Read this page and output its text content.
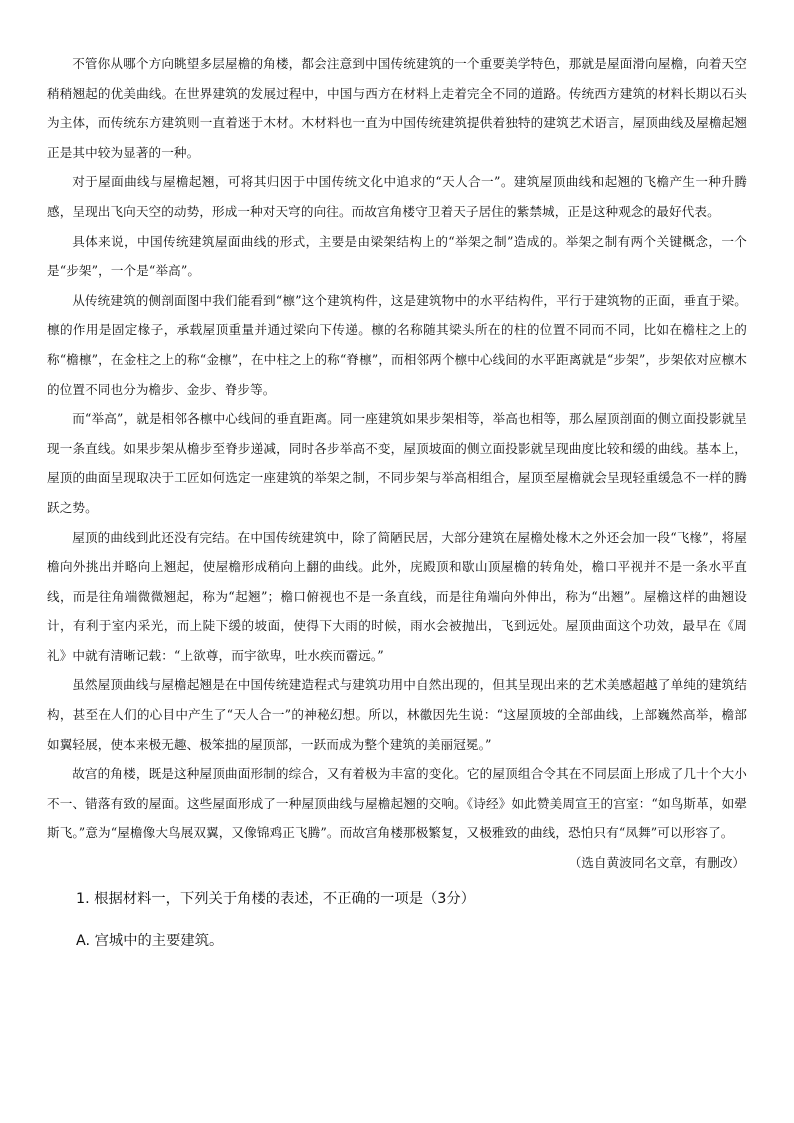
不管你从哪个方向眺望多层屋檐的角楼，都会注意到中国传统建筑的一个重要美学特色，那就是屋面滑向屋檐，向着天空稍稍翘起的优美曲线。在世界建筑的发展过程中，中国与西方在材料上走着完全不同的道路。传统西方建筑的材料长期以石头为主体，而传统东方建筑则一直着迷于木材。木材料也一直为中国传统建筑提供着独特的建筑艺术语言，屋顶曲线及屋檐起翘正是其中较为显著的一种。

对于屋面曲线与屋檐起翘，可将其归因于中国传统文化中追求的“天人合一”。建筑屋顶曲线和起翘的飞檐产生一种升腾感，呈现出飞向天空的动势，形成一种对天穹的向往。而故宫角楼守卫着天子居住的紫禁城，正是这种观念的最好代表。

具体来说，中国传统建筑屋面曲线的形式，主要是由梁架结构上的“举架之制”造成的。举架之制有两个关键概念，一个是“步架”，一个是“举高”。

从传统建筑的侧剖面图中我们能看到“檩”这个建筑构件，这是建筑物中的水平结构件，平行于建筑物的正面，垂直于梁。檩的作用是固定椽子，承载屋顶重量并通过梁向下传递。檩的名称随其梁头所在的柱的位置不同而不同，比如在檐柱之上的称“檐檩”，在金柱之上的称“金檩”，在中柱之上的称“脊檩”，而相邻两个檩中心线间的水平距离就是“步架”，步架依对应檩木的位置不同也分为檐步、金步、脊步等。

而“举高”，就是相邻各檩中心线间的垂直距离。同一座建筑如果步架相等，举高也相等，那么屋顶剖面的侧立面投影就呈现一条直线。如果步架从檐步至脊步递减，同时各步举高不变，屋顶坡面的侧立面投影就呈现曲度比较和缓的曲线。基本上，屋顶的曲面呈现取决于工匠如何选定一座建筑的举架之制，不同步架与举高相组合，屋顶至屋檐就会呈现轻重缓急不一样的腾跃之势。

屋顶的曲线到此还没有完结。在中国传统建筑中，除了简陋民居，大部分建筑在屋檐处椽木之外还会加一段“飞椽”，将屋檐向外挑出并略向上翘起，使屋檐形成稍向上翻的曲线。此外，庑殿顶和歇山顶屋檐的转角处，檐口平视并不是一条水平直线，而是往角端微微翘起，称为“起翘”；檐口俯视也不是一条直线，而是往角端向外伸出，称为“出翘”。屋檐这样的曲翘设计，有利于室内采光，而上陡下缓的坡面，使得下大雨的时候，雨水会被抛出，飞到远处。屋顶曲面这个功效，最早在《周礼》中就有清晰记载：“上欲尊，而宇欲卑，吐水疾而霤远。”

虽然屋顶曲线与屋檐起翘是在中国传统建造程式与建筑功用中自然出现的，但其呈现出来的艺术美感超越了单纯的建筑结构，甚至在人们的心目中产生了“天人合一”的神秘幻想。所以，林徽因先生说：“这屋顶坡的全部曲线，上部巍然高举，檐部如翼轻展，使本来极无趣、极笨拙的屋顶部，一跃而成为整个建筑的美丽冠冕。”

故宫的角楼，既是这种屋顶曲面形制的综合，又有着极为丰富的变化。它的屋顶组合令其在不同层面上形成了几十个大小不一、错落有致的屋面。这些屋面形成了一种屋顶曲线与屋檐起翘的交响。《诗经》如此赞美周宣王的宫室：“如鸟斯革，如翚斯飞。”意为“屋檐像大鸟展双翼，又像锦鸡正飞腾”。而故宫角楼那极繁复，又极雅致的曲线，恐怕只有“凤舞”可以形容了。

（选自黄波同名文章，有删改）

1. 根据材料一，下列关于角楼的表述，不正确的一项是（3分）

A. 宫城中的主要建筑。
